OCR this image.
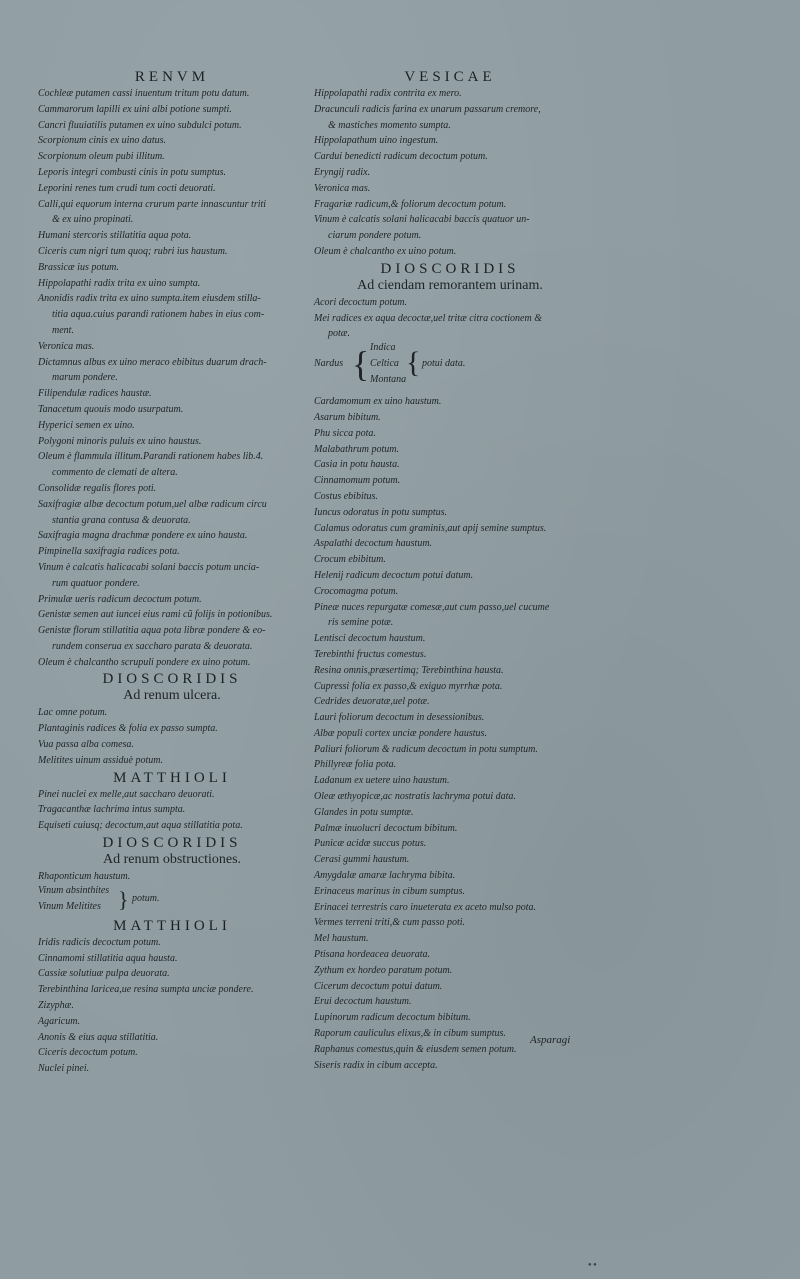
RENVM

Cochleæ putamen cassi inuentum tritum potu datum.

Cammarorum lapilli ex uini albi potione sumpti.

Cancri fluuiatilis putamen ex uino subdulci potum.

Scorpionum cinis ex uino datus.

Scorpionum oleum pubi illitum.

Leporis integri combusti cinis in potu sumptus.

Leporini renes tum crudi tum cocti deuorati.

Calli,qui equorum interna crurum parte innascuntur triti

& ex uino propinati.

Humani stercoris stillatitia aqua pota.

Ciceris cum nigri tum quoq; rubri ius haustum.

Brassicæ ius potum.

Hippolapathi radix trita ex uino sumpta.

Anonidis radix trita ex uino sumpta.item eiusdem stilla-

titia aqua.cuius parandi rationem habes in eius com-

ment.

Veronica mas.

Dictamnus albus ex uino meraco ebibitus duarum drach-

marum pondere.

Filipendulæ radices haustæ.

Tanacetum quouis modo usurpatum.

Hyperici semen ex uino.

Polygoni minoris puluis ex uino haustus.

Oleum è flammula illitum.Parandi rationem habes lib.4.

commento de clemati de altera.

Consolidæ regalis flores poti.

Saxifragiæ albæ decoctum potum,uel albæ radicum circu

stantia grana contusa & deuorata.

Saxifragia magna drachmæ pondere ex uino hausta.

Pimpinella saxifragia radices pota.

Vinum è calcatis halicacabi solani baccis potum uncia-

rum quatuor pondere.

Primulæ ueris radicum decoctum potum.

Genistæ semen aut iuncei eius rami cũ folijs in potionibus.

Genistæ florum stillatitia aqua pota libræ pondere & eo-

rundem conserua ex saccharo parata & deuorata.

Oleum è chalcantho scrupuli pondere ex uino potum.

DIOSCORIDIS

Ad renum ulcera.

Lac omne potum.

Plantaginis radices & folia ex passo sumpta.

Vua passa alba comesa.

Melitites uinum assiduè potum.

MATTHIOLI

Pinei nuclei ex melle,aut saccharo deuorati.

Tragacanthæ lachrima intus sumpta.

Equiseti cuiusq; decoctum,aut aqua stillatitia pota.

DIOSCORIDIS

Ad renum obstructiones.

Rhaponticum haustum.

Vinum absinthites
Vinum Melitites } potum.

MATTHIOLI

Iridis radicis decoctum potum.

Cinnamomi stillatitia aqua hausta.

Cassiæ solutiuæ pulpa deuorata.

Terebinthina laricea,ue resina sumpta unciæ pondere.

Zizyphæ.

Agaricum.

Anonis & eius aqua stillatitia.

Ciceris decoctum potum.

Nuclei pinei.

VESICAE

Hippolapathi radix contrita ex mero.

Dracunculi radicis farina ex unarum passarum cremore,

& mastiches momento sumpta.

Hippolapathum uino ingestum.

Cardui benedicti radicum decoctum potum.

Eryngij radix.

Veronica mas.

Fragariæ radicum,& foliorum decoctum potum.

Vinum è calcatis solani halicacabi baccis quatuor un-

ciarum pondere potum.

Oleum è chalcantho ex uino potum.

DIOSCORIDIS

Ad ciendam remorantem urinam.

Acori decoctum potum.

Mei radices ex aqua decoctæ,uel tritæ citra coctionem &

potæ.

Nardus { Indica
Celtica
Montana
{ potui data.

Cardamomum ex uino haustum.

Asarum bibitum.

Phu sicca pota.

Malabathrum potum.

Casia in potu hausta.

Cinnamomum potum.

Costus ebibitus.

Iuncus odoratus in potu sumptus.

Calamus odoratus cum graminis,aut apij semine sumptus.

Aspalathi decoctum haustum.

Crocum ebibitum.

Helenij radicum decoctum potui datum.

Crocomagma potum.

Pineæ nuces repurgatæ comesæ,aut cum passo,uel cucume

ris semine potæ.

Lentisci decoctum haustum.

Terebinthi fructus comestus.

Resina omnis,præsertimq; Terebinthina hausta.

Cupressi folia ex passo,& exiguo myrrhæ pota.

Cedrides deuoratæ,uel potæ.

Lauri foliorum decoctum in desessionibus.

Albæ populi cortex unciæ pondere haustus.

Paliuri foliorum & radicum decoctum in potu sumptum.

Phillyreæ folia pota.

Ladanum ex uetere uino haustum.

Oleæ æthyopicæ,ac nostratis lachryma potui data.

Glandes in potu sumptæ.

Palmæ inuolucri decoctum bibitum.

Punicæ acidæ succus potus.

Cerasi gummi haustum.

Amygdalæ amaræ lachryma bibita.

Erinaceus marinus in cibum sumptus.

Erinacei terrestris caro inueterata ex aceto mulso pota.

Vermes terreni triti,& cum passo poti.

Mel haustum.

Ptisana hordeacea deuorata.

Zythum ex hordeo paratum potum.

Cicerum decoctum potui datum.

Erui decoctum haustum.

Lupinorum radicum decoctum bibitum.

Raporum cauliculus elixus,& in cibum sumptus.

Raphanus comestus,quin & eiusdem semen potum.

Siseris radix in cibum accepta.

Asparagi
● ●
